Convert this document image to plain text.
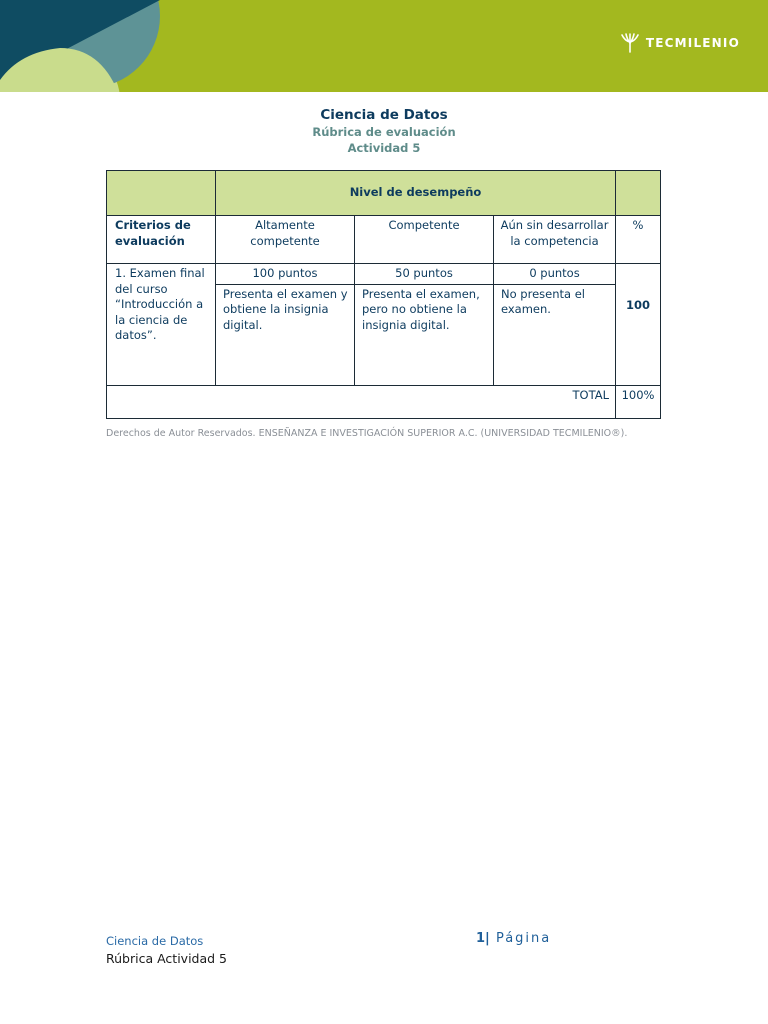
TECMILENIO
Ciencia de Datos
Rúbrica de evaluación
Actividad 5
	Nivel de desempeño			
Criterios de evaluación	Altamente competente	Competente	Aún sin desarrollar la competencia	%
1. Examen final del curso “Introducción a la ciencia de datos”.	100 puntos	50 puntos	0 puntos	100
	Presenta el examen y obtiene la insignia digital.	Presenta el examen, pero no obtiene la insignia digital.	No presenta el examen.	
TOTAL				100%
Derechos de Autor Reservados. ENSEÑANZA E INVESTIGACIÓN SUPERIOR A.C. (UNIVERSIDAD TECMILENIO®).
Ciencia de Datos
Rúbrica Actividad 5
1| Página
